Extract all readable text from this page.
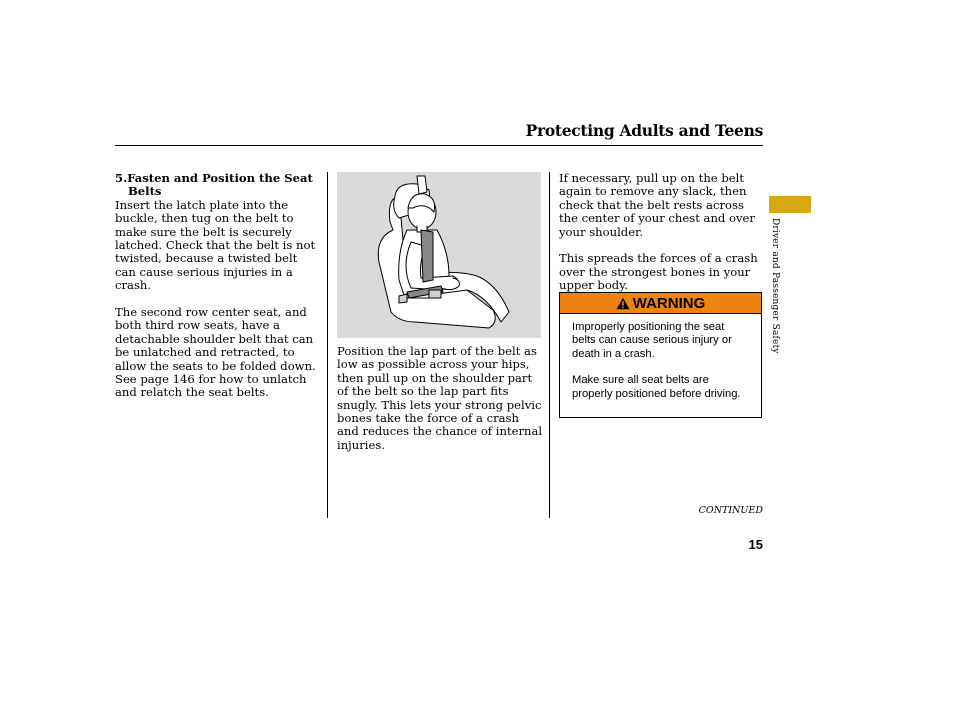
Protecting Adults and Teens

5.Fasten and Position the Seat Belts
Insert the latch plate into the buckle, then tug on the belt to make sure the belt is securely latched. Check that the belt is not twisted, because a twisted belt can cause serious injuries in a crash.

The second row center seat, and both third row seats, have a detachable shoulder belt that can be unlatched and retracted, to allow the seats to be folded down. See page 146 for how to unlatch and relatch the seat belts.

Position the lap part of the belt as low as possible across your hips, then pull up on the shoulder part of the belt so the lap part fits snugly. This lets your strong pelvic bones take the force of a crash and reduces the chance of internal injuries.

If necessary, pull up on the belt again to remove any slack, then check that the belt rests across the center of your chest and over your shoulder.

This spreads the forces of a crash over the strongest bones in your upper body.

WARNING

Improperly positioning the seat belts can cause serious injury or death in a crash.

Make sure all seat belts are properly positioned before driving.

Driver and Passenger Safety
CONTINUED
15
